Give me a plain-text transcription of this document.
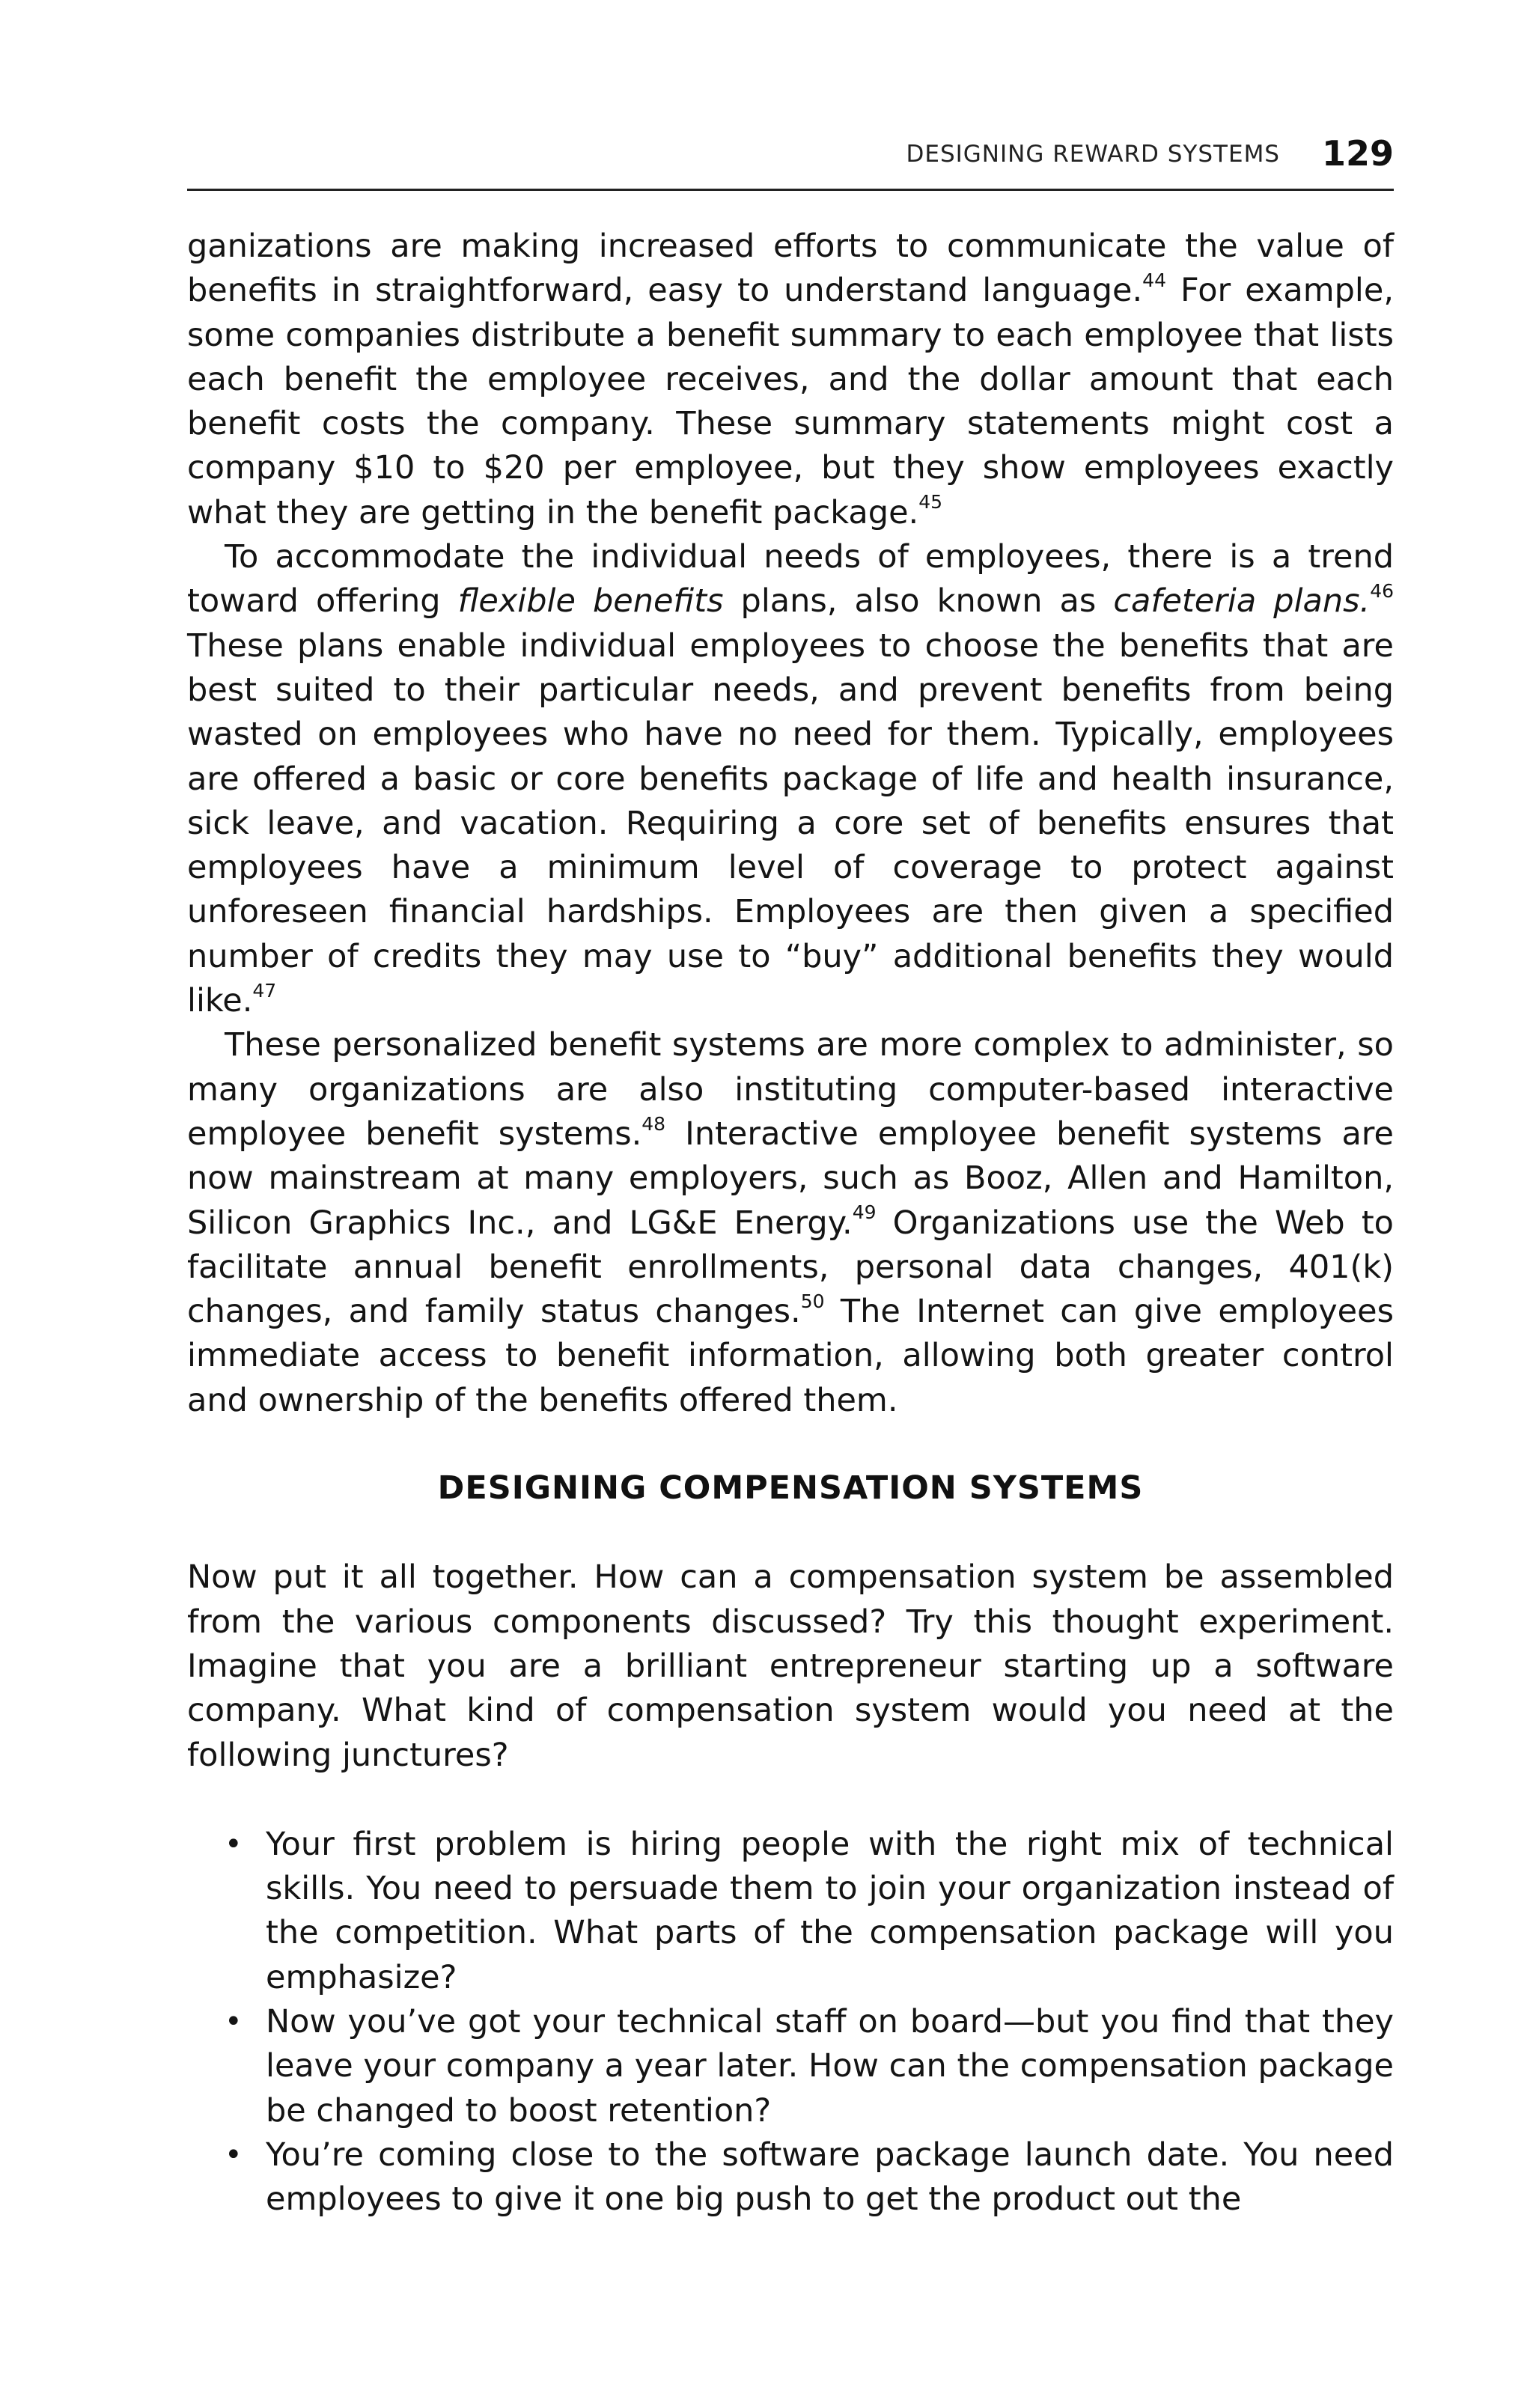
DESIGNING REWARD SYSTEMS 129

ganizations are making increased efforts to communicate the value of benefits in straightforward, easy to understand language.$^{44}$ For example, some companies distribute a benefit summary to each employee that lists each benefit the employee receives, and the dollar amount that each benefit costs the company. These summary statements might cost a company $10 to $20 per employee, but they show employees exactly what they are getting in the benefit package.$^{45}$

To accommodate the individual needs of employees, there is a trend toward offering flexible benefits plans, also known as cafeteria plans.$^{46}$ These plans enable individual employees to choose the benefits that are best suited to their particular needs, and prevent benefits from being wasted on employees who have no need for them. Typically, employees are offered a basic or core benefits package of life and health insurance, sick leave, and vacation. Requiring a core set of benefits ensures that employees have a minimum level of coverage to protect against unforeseen financial hardships. Employees are then given a specified number of credits they may use to “buy” additional benefits they would like.$^{47}$

These personalized benefit systems are more complex to administer, so many organizations are also instituting computer-based interactive employee benefit systems.$^{48}$ Interactive employee benefit systems are now mainstream at many employers, such as Booz, Allen and Hamilton, Silicon Graphics Inc., and LG&E Energy.$^{49}$ Organizations use the Web to facilitate annual benefit enrollments, personal data changes, 401(k) changes, and family status changes.$^{50}$ The Internet can give employees immediate access to benefit information, allowing both greater control and ownership of the benefits offered them.

DESIGNING COMPENSATION SYSTEMS

Now put it all together. How can a compensation system be assembled from the various components discussed? Try this thought experiment. Imagine that you are a brilliant entrepreneur starting up a software company. What kind of compensation system would you need at the following junctures?

• Your first problem is hiring people with the right mix of technical skills. You need to persuade them to join your organization instead of the competition. What parts of the compensation package will you emphasize?
• Now you’ve got your technical staff on board—but you find that they leave your company a year later. How can the compensation package be changed to boost retention?
• You’re coming close to the software package launch date. You need employees to give it one big push to get the product out the
